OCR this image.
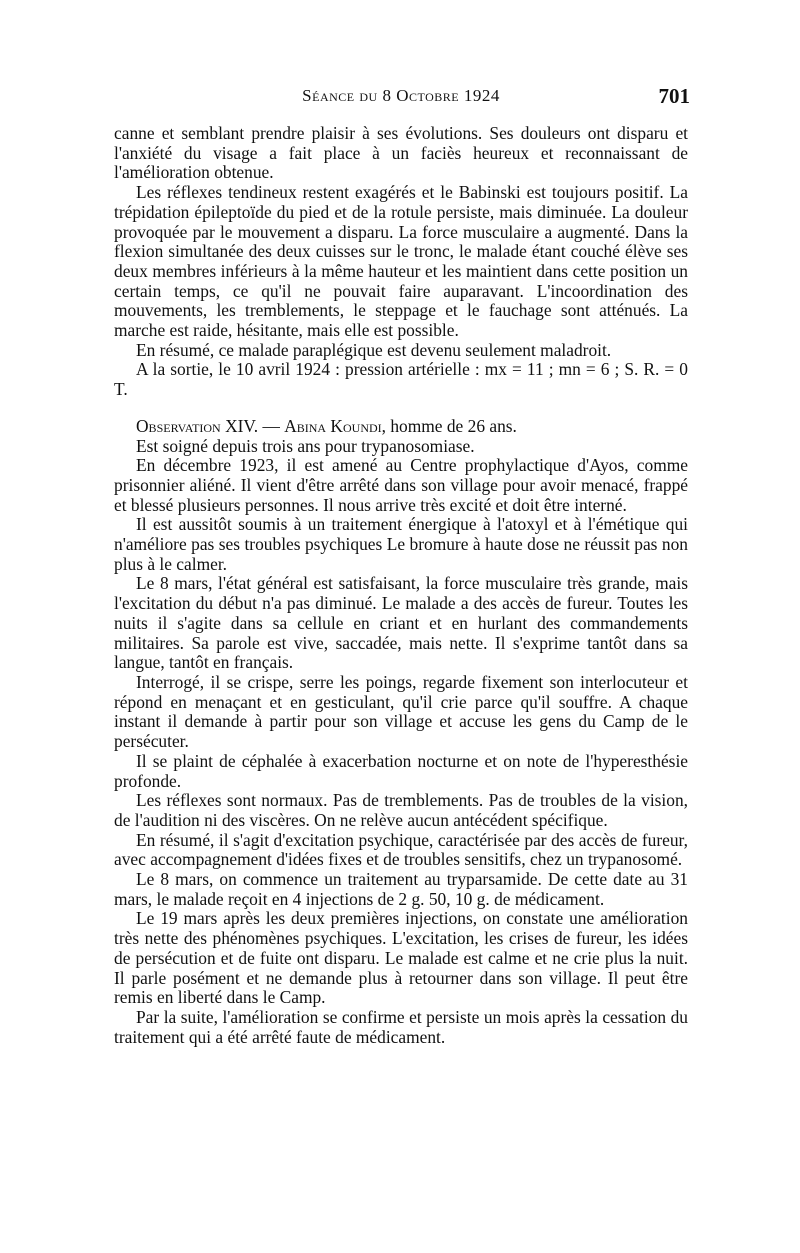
Séance du 8 Octobre 1924	701

canne et semblant prendre plaisir à ses évolutions. Ses douleurs ont disparu et l'anxiété du visage a fait place à un faciès heureux et reconnaissant de l'amélioration obtenue.

Les réflexes tendineux restent exagérés et le Babinski est toujours positif. La trépidation épileptoïde du pied et de la rotule persiste, mais diminuée. La douleur provoquée par le mouvement a disparu. La force musculaire a augmenté. Dans la flexion simultanée des deux cuisses sur le tronc, le malade étant couché élève ses deux membres inférieurs à la même hauteur et les maintient dans cette position un certain temps, ce qu'il ne pouvait faire auparavant. L'incoordination des mouvements, les tremblements, le steppage et le fauchage sont atténués. La marche est raide, hésitante, mais elle est possible.

En résumé, ce malade paraplégique est devenu seulement maladroit.

A la sortie, le 10 avril 1924 : pression artérielle : mx = 11 ; mn = 6 ; S. R. = 0 T.

Observation XIV. — Abina Koundi, homme de 26 ans.

Est soigné depuis trois ans pour trypanosomiase.

En décembre 1923, il est amené au Centre prophylactique d'Ayos, comme prisonnier aliéné. Il vient d'être arrêté dans son village pour avoir menacé, frappé et blessé plusieurs personnes. Il nous arrive très excité et doit être interné.

Il est aussitôt soumis à un traitement énergique à l'atoxyl et à l'émétique qui n'améliore pas ses troubles psychiques Le bromure à haute dose ne réussit pas non plus à le calmer.

Le 8 mars, l'état général est satisfaisant, la force musculaire très grande, mais l'excitation du début n'a pas diminué. Le malade a des accès de fureur. Toutes les nuits il s'agite dans sa cellule en criant et en hurlant des commandements militaires. Sa parole est vive, saccadée, mais nette. Il s'exprime tantôt dans sa langue, tantôt en français.

Interrogé, il se crispe, serre les poings, regarde fixement son interlocuteur et répond en menaçant et en gesticulant, qu'il crie parce qu'il souffre. A chaque instant il demande à partir pour son village et accuse les gens du Camp de le persécuter.

Il se plaint de céphalée à exacerbation nocturne et on note de l'hyperesthésie profonde.

Les réflexes sont normaux. Pas de tremblements. Pas de troubles de la vision, de l'audition ni des viscères. On ne relève aucun antécédent spécifique.

En résumé, il s'agit d'excitation psychique, caractérisée par des accès de fureur, avec accompagnement d'idées fixes et de troubles sensitifs, chez un trypanosomé.

Le 8 mars, on commence un traitement au tryparsamide. De cette date au 31 mars, le malade reçoit en 4 injections de 2 g. 50, 10 g. de médicament.

Le 19 mars après les deux premières injections, on constate une amélioration très nette des phénomènes psychiques. L'excitation, les crises de fureur, les idées de persécution et de fuite ont disparu. Le malade est calme et ne crie plus la nuit. Il parle posément et ne demande plus à retourner dans son village. Il peut être remis en liberté dans le Camp.

Par la suite, l'amélioration se confirme et persiste un mois après la cessation du traitement qui a été arrêté faute de médicament.
